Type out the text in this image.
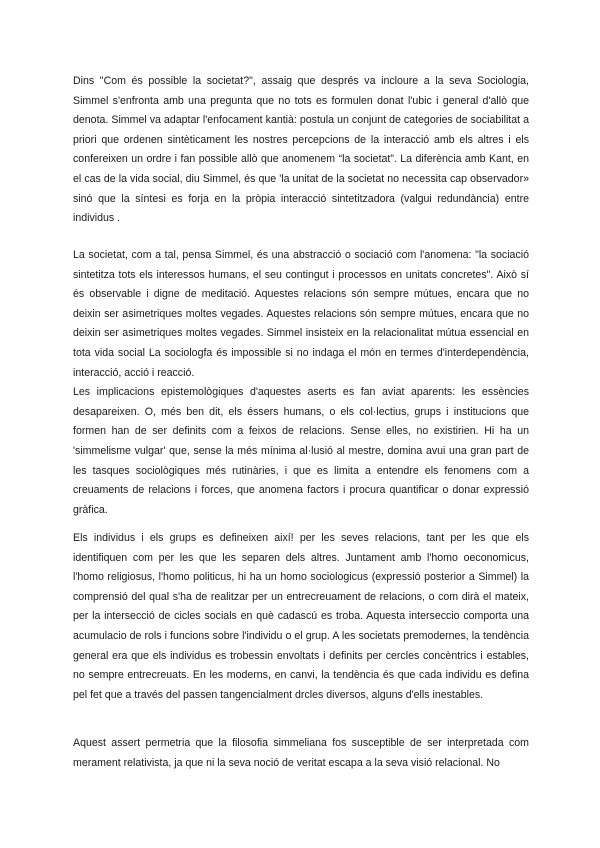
Dins "Com és possible la societat?", assaig que després va incloure a la seva Sociologia, Simmel s'enfronta amb una pregunta que no tots es formulen donat l'ubic i general d'allò que denota. Simmel va adaptar l'enfocament kantià: postula un conjunt de categories de sociabilitat a priori que ordenen sintèticament les nostres percepcions de la interacció amb els altres i els confereixen un ordre i fan possible allò que anomenem “la societat”. La diferència amb Kant, en el cas de la vida social, diu Simmel, és que 'la unitat de la societat no necessita cap observador» sinó que la síntesi es forja en la pròpia interacció sintetitzadora (valgui redundància) entre individus .

La societat, com a tal, pensa Simmel, és una abstracció o sociació com l'anomena: "la sociació sintetitza tots els interessos humans, el seu contingut i processos en unitats concretes". Això sí és observable i digne de meditació. Aquestes relacions són sempre mútues, encara que no deixin ser asimetriques moltes vegades. Aquestes relacions són sempre mútues, encara que no deixin ser asimetriques moltes vegades. Simmel insisteix en la relacionalitat mútua essencial en tota vida social La sociologfa és impossible si no indaga el món en termes d'interdependència, interacció, acció i reacció.

Les implicacions epistemològiques d'aquestes aserts es fan aviat aparents: les essències desapareixen. O, més ben dit, els éssers humans, o els col·lectius, grups i institucions que formen han de ser definits com a feixos de relacions. Sense elles, no existirien. Hi ha un 'simmelisme vulgar' que, sense la més mínima al·lusió al mestre, domina avui una gran part de les tasques sociològiques més rutinàries, i que es limita a entendre els fenomens com a creuaments de relacions i forces, que anomena factors i procura quantificar o donar expressió gràfica.

Els individus i els grups es defineixen així! per les seves relacions, tant per les que els identifiquen com per les que les separen dels altres. Juntament amb l'homo oeconomicus, l'homo religiosus, l'homo politicus, hi ha un homo sociologicus (expressió posterior a Simmel) la comprensió del qual s'ha de realitzar per un entrecreuament de relacions, o com dirà el mateix, per la intersecció de cicles socials en què cadascú es troba. Aquesta interseccio comporta una acumulacio de rols i funcions sobre l'individu o el grup. A les societats premodernes, la tendència general era que els individus es trobessin envoltats i definits per cercles concèntrics i estables, no sempre entrecreuats. En les moderns, en canvi, la tendència és que cada individu es defina pel fet que a través del passen tangencialment drcles diversos, alguns d'ells inestables.

Aquest assert permetria que la filosofia simmeliana fos susceptible de ser interpretada com merament relativista, ja que ni la seva noció de veritat escapa a la seva visió relacional. No
